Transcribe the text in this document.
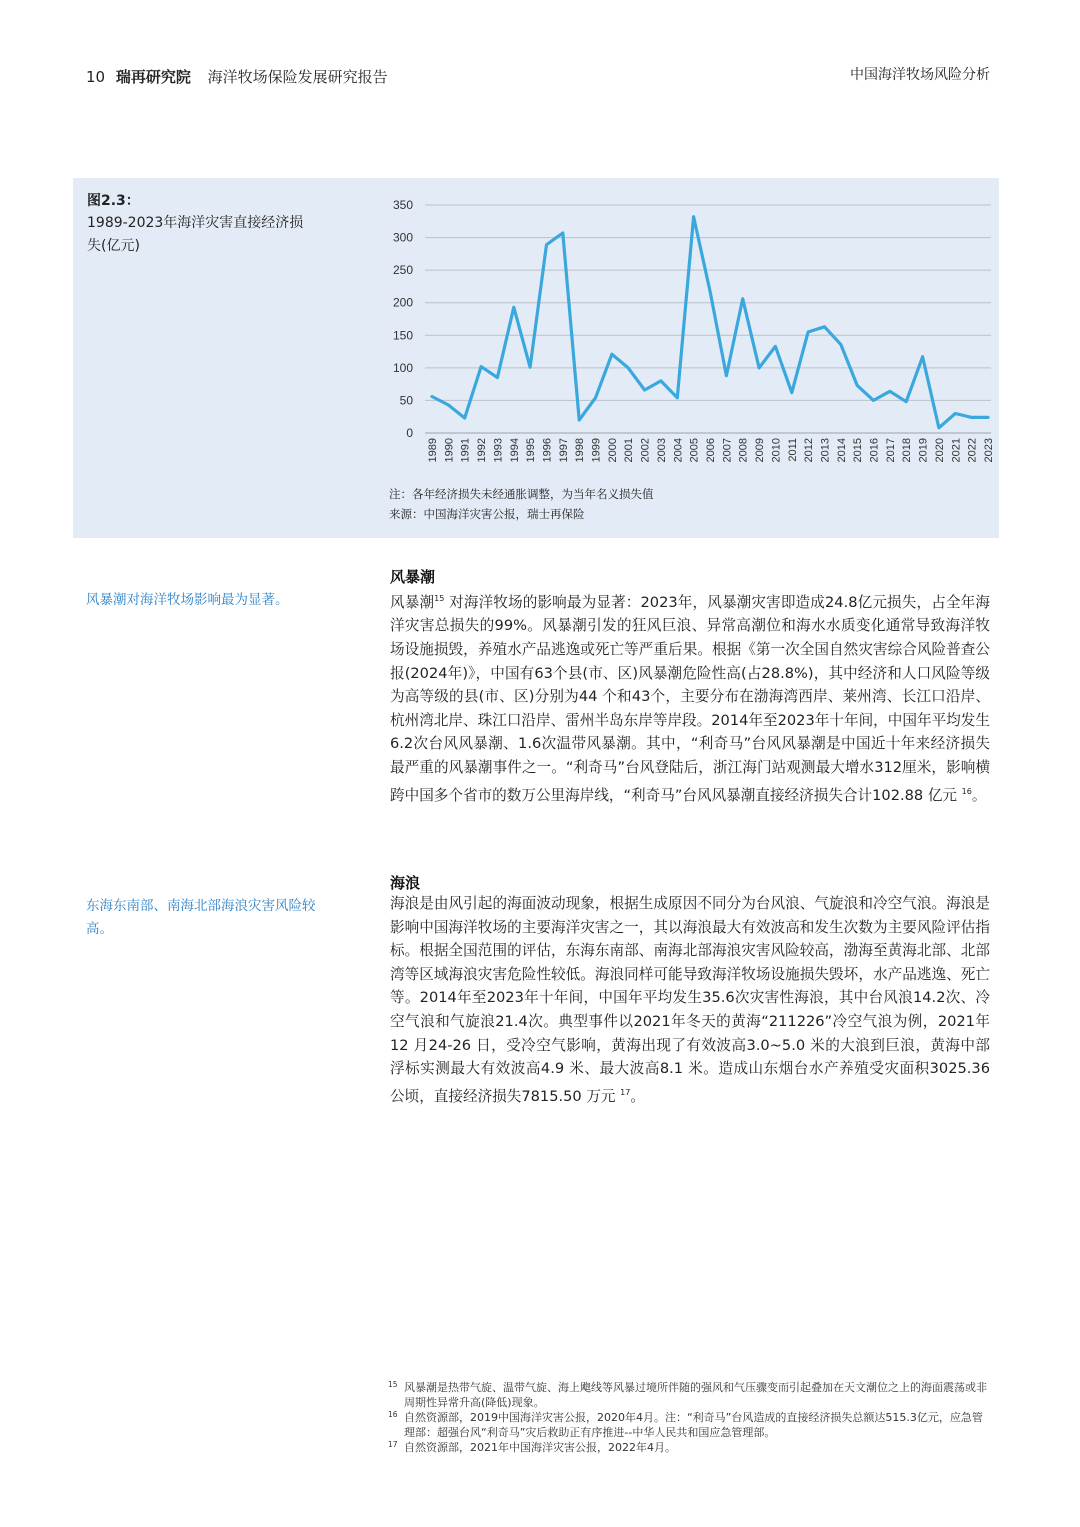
10 瑞再研究院 海洋牧场保险发展研究报告	中国海洋牧场风险分析
图2.3：
1989-2023年海洋灾害直接经济损失(亿元)
0
50
100
150
200
250
300
350
1989 1990 1991 1992 1993 1994 1995 1996 1997 1998 1999 2000 2001 2002 2003 2004 2005 2006 2007 2008 2009 2010 2011 2012 2013 2014 2015 2016 2017 2018 2019 2020 2021 2022 2023
注：各年经济损失未经通胀调整，为当年名义损失值
来源：中国海洋灾害公报，瑞士再保险
风暴潮对海洋牧场影响最为显著。
风暴潮

风暴潮$^{15}$ 对海洋牧场的影响最为显著：2023年，风暴潮灾害即造成24.8亿元损失，占全年海洋灾害总损失的99%。风暴潮引发的狂风巨浪、异常高潮位和海水水质变化通常导致海洋牧场设施损毁，养殖水产品逃逸或死亡等严重后果。根据《第一次全国自然灾害综合风险普查公报(2024年)》，中国有63个县(市、区)风暴潮危险性高(占28.8%)，其中经济和人口风险等级为高等级的县(市、区)分别为44 个和43个，主要分布在渤海湾西岸、莱州湾、长江口沿岸、杭州湾北岸、珠江口沿岸、雷州半岛东岸等岸段。2014年至2023年十年间，中国年平均发生6.2次台风风暴潮、1.6次温带风暴潮。其中，“利奇马”台风风暴潮是中国近十年来经济损失最严重的风暴潮事件之一。“利奇马”台风登陆后，浙江海门站观测最大增水312厘米，影响横跨中国多个省市的数万公里海岸线，“利奇马”台风风暴潮直接经济损失合计102.88 亿元 $^{16}$。

东海东南部、南海北部海浪灾害风险较高。
海浪

海浪是由风引起的海面波动现象，根据生成原因不同分为台风浪、气旋浪和冷空气浪。海浪是影响中国海洋牧场的主要海洋灾害之一，其以海浪最大有效波高和发生次数为主要风险评估指标。根据全国范围的评估，东海东南部、南海北部海浪灾害风险较高，渤海至黄海北部、北部湾等区域海浪灾害危险性较低。海浪同样可能导致海洋牧场设施损失毁坏，水产品逃逸、死亡等。2014年至2023年十年间，中国年平均发生35.6次灾害性海浪，其中台风浪14.2次、冷空气浪和气旋浪21.4次。典型事件以2021年冬天的黄海“211226”冷空气浪为例，2021年12 月24-26 日，受冷空气影响，黄海出现了有效波高3.0~5.0 米的大浪到巨浪，黄海中部浮标实测最大有效波高4.9 米、最大波高8.1 米。造成山东烟台水产养殖受灾面积3025.36 公顷，直接经济损失7815.50 万元 $^{17}$。

15 风暴潮是热带气旋、温带气旋、海上飑线等风暴过境所伴随的强风和气压骤变而引起叠加在天文潮位之上的海面震荡或非周期性异常升高(降低)现象。
16 自然资源部，2019中国海洋灾害公报，2020年4月。注：“利奇马”台风造成的直接经济损失总额达515.3亿元，应急管理部：超强台风“利奇马”灾后救助正有序推进--中华人民共和国应急管理部。
17 自然资源部，2021年中国海洋灾害公报，2022年4月。
